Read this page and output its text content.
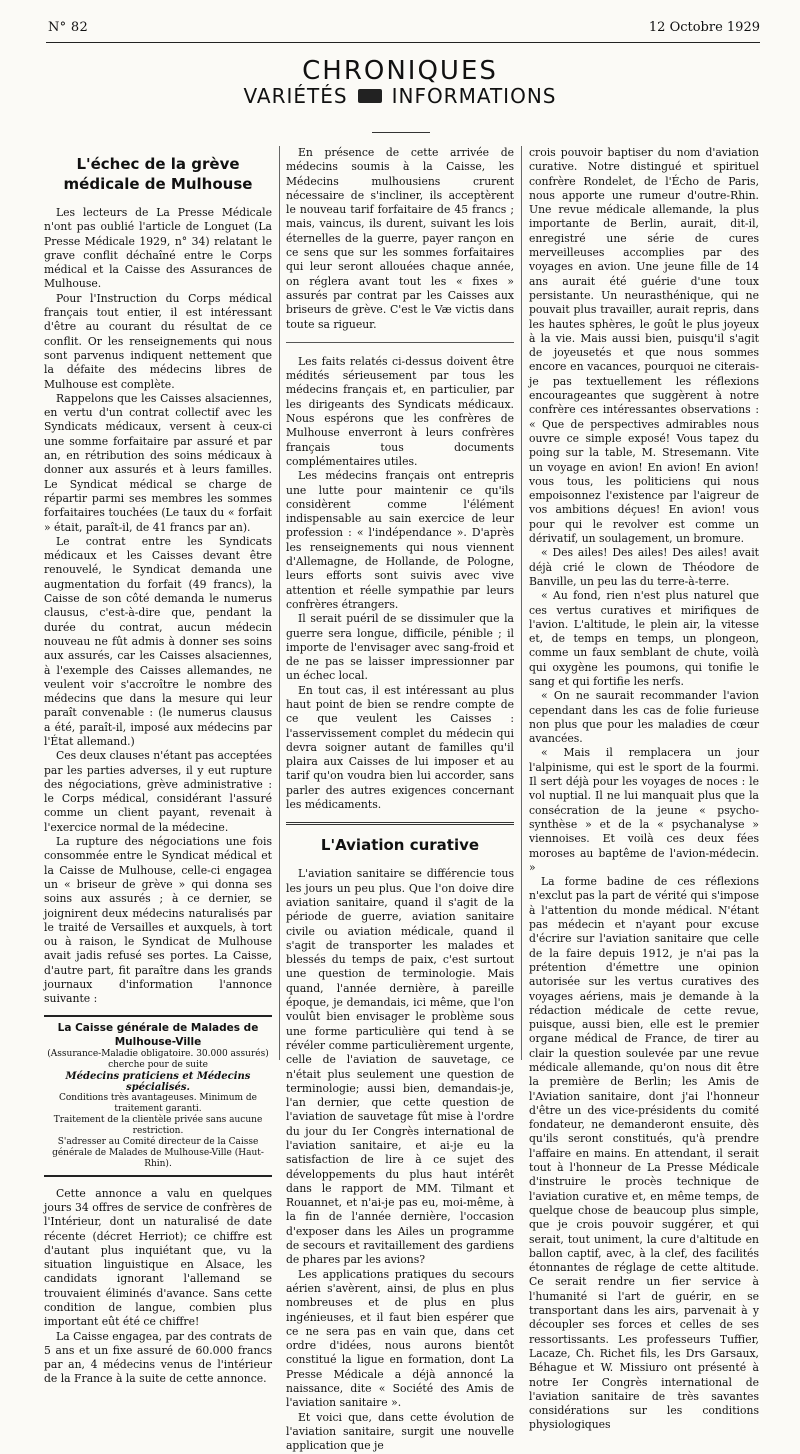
N° 82	12 Octobre 1929
CHRONIQUES
VARIÉTÉS INFORMATIONS
L'échec de la grève médicale de Mulhouse

Les lecteurs de La Presse Médicale n'ont pas oublié l'article de Longuet (La Presse Médicale 1929, n° 34) relatant le grave conflit déchaîné entre le Corps médical et la Caisse des Assurances de Mulhouse.

Pour l'Instruction du Corps médical français tout entier, il est intéressant d'être au courant du résultat de ce conflit. Or les renseignements qui nous sont parvenus indiquent nettement que la défaite des médecins libres de Mulhouse est complète.

Rappelons que les Caisses alsaciennes, en vertu d'un contrat collectif avec les Syndicats médicaux, versent à ceux-ci une somme forfaitaire par assuré et par an, en rétribution des soins médicaux à donner aux assurés et à leurs familles. Le Syndicat médical se charge de répartir parmi ses membres les sommes forfaitaires touchées (Le taux du « forfait » était, paraît-il, de 41 francs par an).

Le contrat entre les Syndicats médicaux et les Caisses devant être renouvelé, le Syndicat demanda une augmentation du forfait (49 francs), la Caisse de son côté demanda le numerus clausus, c'est-à-dire que, pendant la durée du contrat, aucun médecin nouveau ne fût admis à donner ses soins aux assurés, car les Caisses alsaciennes, à l'exemple des Caisses allemandes, ne veulent voir s'accroître le nombre des médecins que dans la mesure qui leur paraît convenable : (le numerus clausus a été, paraît-il, imposé aux médecins par l'État allemand.)

Ces deux clauses n'étant pas acceptées par les parties adverses, il y eut rupture des négociations, grève administrative : le Corps médical, considérant l'assuré comme un client payant, revenait à l'exercice normal de la médecine.

La rupture des négociations une fois consommée entre le Syndicat médical et la Caisse de Mulhouse, celle-ci engagea un « briseur de grève » qui donna ses soins aux assurés ; à ce dernier, se joignirent deux médecins naturalisés par le traité de Versailles et auxquels, à tort ou à raison, le Syndicat de Mulhouse avait jadis refusé ses portes. La Caisse, d'autre part, fit paraître dans les grands journaux d'information l'annonce suivante :

La Caisse générale de Malades de Mulhouse-Ville
(Assurance-Maladie obligatoire. 30.000 assurés)
cherche pour de suite
Médecins praticiens et Médecins spécialisés.
Conditions très avantageuses. Minimum de traitement garanti.
Traitement de la clientèle privée sans aucune restriction.
S'adresser au Comité directeur de la Caisse générale de Malades de Mulhouse-Ville (Haut-Rhin).

Cette annonce a valu en quelques jours 34 offres de service de confrères de l'Intérieur, dont un naturalisé de date récente (décret Herriot); ce chiffre est d'autant plus inquiétant que, vu la situation linguistique en Alsace, les candidats ignorant l'allemand se trouvaient éliminés d'avance. Sans cette condition de langue, combien plus important eût été ce chiffre!

La Caisse engagea, par des contrats de 5 ans et un fixe assuré de 60.000 francs par an, 4 médecins venus de l'intérieur de la France à la suite de cette annonce.

En présence de cette arrivée de médecins soumis à la Caisse, les Médecins mulhousiens crurent nécessaire de s'incliner, ils acceptèrent le nouveau tarif forfaitaire de 45 francs ; mais, vaincus, ils durent, suivant les lois éternelles de la guerre, payer rançon en ce sens que sur les sommes forfaitaires qui leur seront allouées chaque année, on réglera avant tout les « fixes » assurés par contrat par les Caisses aux briseurs de grève. C'est le Væ victis dans toute sa rigueur.

Les faits relatés ci-dessus doivent être médités sérieusement par tous les médecins français et, en particulier, par les dirigeants des Syndicats médicaux. Nous espérons que les confrères de Mulhouse enverront à leurs confrères français tous documents complémentaires utiles.

Les médecins français ont entrepris une lutte pour maintenir ce qu'ils considèrent comme l'élément indispensable au sain exercice de leur profession : « l'indépendance ». D'après les renseignements qui nous viennent d'Allemagne, de Hollande, de Pologne, leurs efforts sont suivis avec vive attention et réelle sympathie par leurs confrères étrangers.

Il serait puéril de se dissimuler que la guerre sera longue, difficile, pénible ; il importe de l'envisager avec sang-froid et de ne pas se laisser impressionner par un échec local.

En tout cas, il est intéressant au plus haut point de bien se rendre compte de ce que veulent les Caisses : l'asservissement complet du médecin qui devra soigner autant de familles qu'il plaira aux Caisses de lui imposer et au tarif qu'on voudra bien lui accorder, sans parler des autres exigences concernant les médicaments.

L'Aviation curative

L'aviation sanitaire se différencie tous les jours un peu plus. Que l'on doive dire aviation sanitaire, quand il s'agit de la période de guerre, aviation sanitaire civile ou aviation médicale, quand il s'agit de transporter les malades et blessés du temps de paix, c'est surtout une question de terminologie. Mais quand, l'année dernière, à pareille époque, je demandais, ici même, que l'on voulût bien envisager le problème sous une forme particulière qui tend à se révéler comme particulièrement urgente, celle de l'aviation de sauvetage, ce n'était plus seulement une question de terminologie; aussi bien, demandais-je, l'an dernier, que cette question de l'aviation de sauvetage fût mise à l'ordre du jour du Ier Congrès international de l'aviation sanitaire, et ai-je eu la satisfaction de lire à ce sujet des développements du plus haut intérêt dans le rapport de MM. Tilmant et Rouannet, et n'ai-je pas eu, moi-même, à la fin de l'année dernière, l'occasion d'exposer dans les Ailes un programme de secours et ravitaillement des gardiens de phares par les avions?

Les applications pratiques du secours aérien s'avèrent, ainsi, de plus en plus nombreuses et de plus en plus ingénieuses, et il faut bien espérer que ce ne sera pas en vain que, dans cet ordre d'idées, nous aurons bientôt constitué la ligue en formation, dont La Presse Médicale a déjà annoncé la naissance, dite « Société des Amis de l'aviation sanitaire ».

Et voici que, dans cette évolution de l'aviation sanitaire, surgit une nouvelle application que je

crois pouvoir baptiser du nom d'aviation curative. Notre distingué et spirituel confrère Rondelet, de l'Écho de Paris, nous apporte une rumeur d'outre-Rhin. Une revue médicale allemande, la plus importante de Berlin, aurait, dit-il, enregistré une série de cures merveilleuses accomplies par des voyages en avion. Une jeune fille de 14 ans aurait été guérie d'une toux persistante. Un neurasthénique, qui ne pouvait plus travailler, aurait repris, dans les hautes sphères, le goût le plus joyeux à la vie. Mais aussi bien, puisqu'il s'agit de joyeusetés et que nous sommes encore en vacances, pourquoi ne citerais-je pas textuellement les réflexions encourageantes que suggèrent à notre confrère ces intéressantes observations : « Que de perspectives admirables nous ouvre ce simple exposé! Vous tapez du poing sur la table, M. Stresemann. Vite un voyage en avion! En avion! En avion! vous tous, les politiciens qui nous empoisonnez l'existence par l'aigreur de vos ambitions déçues! En avion! vous pour qui le revolver est comme un dérivatif, un soulagement, un bromure.

« Des ailes! Des ailes! Des ailes! avait déjà crié le clown de Théodore de Banville, un peu las du terre-à-terre.

« Au fond, rien n'est plus naturel que ces vertus curatives et mirifiques de l'avion. L'altitude, le plein air, la vitesse et, de temps en temps, un plongeon, comme un faux semblant de chute, voilà qui oxygène les poumons, qui tonifie le sang et qui fortifie les nerfs.

« On ne saurait recommander l'avion cependant dans les cas de folie furieuse non plus que pour les maladies de cœur avancées.

« Mais il remplacera un jour l'alpinisme, qui est le sport de la fourmi. Il sert déjà pour les voyages de noces : le vol nuptial. Il ne lui manquait plus que la consécration de la jeune « psycho-synthèse » et de la « psychanalyse » viennoises. Et voilà ces deux fées moroses au baptême de l'avion-médecin. »

La forme badine de ces réflexions n'exclut pas la part de vérité qui s'impose à l'attention du monde médical. N'étant pas médecin et n'ayant pour excuse d'écrire sur l'aviation sanitaire que celle de la faire depuis 1912, je n'ai pas la prétention d'émettre une opinion autorisée sur les vertus curatives des voyages aériens, mais je demande à la rédaction médicale de cette revue, puisque, aussi bien, elle est le premier organe médical de France, de tirer au clair la question soulevée par une revue médicale allemande, qu'on nous dit être la première de Berlin; les Amis de l'Aviation sanitaire, dont j'ai l'honneur d'être un des vice-présidents du comité fondateur, ne demanderont ensuite, dès qu'ils seront constitués, qu'à prendre l'affaire en mains. En attendant, il serait tout à l'honneur de La Presse Médicale d'instruire le procès technique de l'aviation curative et, en même temps, de quelque chose de beaucoup plus simple, que je crois pouvoir suggérer, et qui serait, tout uniment, la cure d'altitude en ballon captif, avec, à la clef, des facilités étonnantes de réglage de cette altitude. Ce serait rendre un fier service à l'humanité si l'art de guérir, en se transportant dans les airs, parvenait à y découpler ses forces et celles de ses ressortissants. Les professeurs Tuffier, Lacaze, Ch. Richet fils, les Drs Garsaux, Béhague et W. Missiuro ont présenté à notre Ier Congrès international de l'aviation sanitaire de très savantes considérations sur les conditions physiologiques
